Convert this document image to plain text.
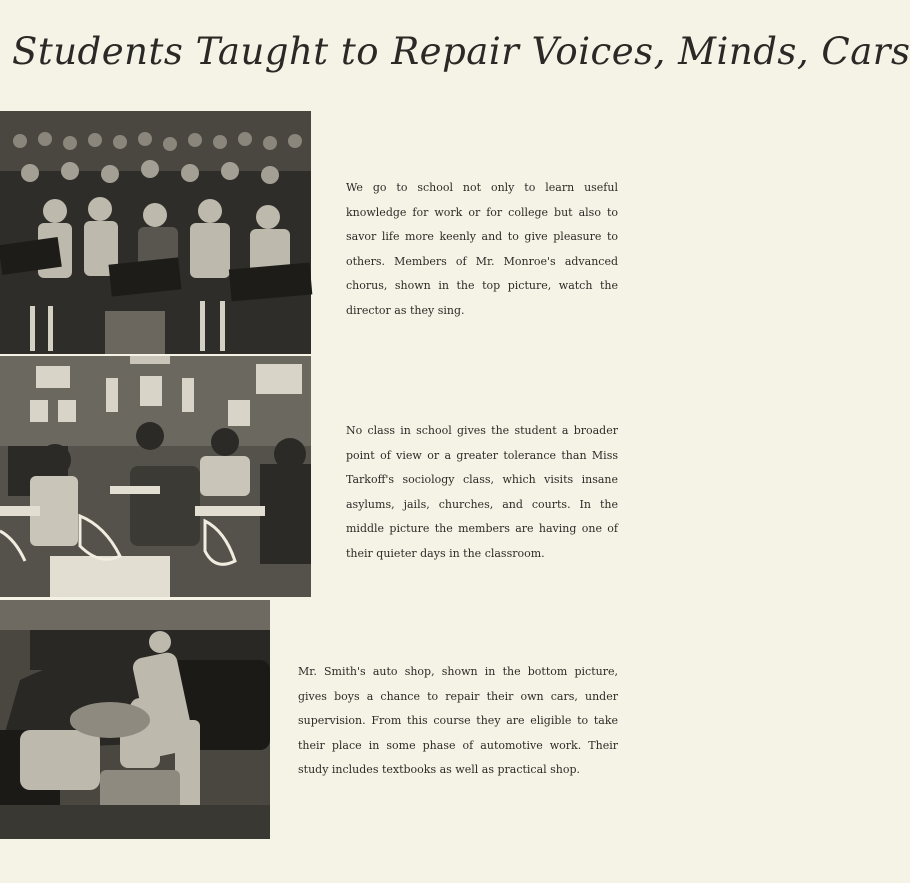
Students Taught to Repair Voices, Minds, Cars

We go to school not only to learn useful knowledge for work or for college but also to savor life more keenly and to give pleasure to others. Members of Mr. Monroe's advanced chorus, shown in the top picture, watch the director as they sing.

No class in school gives the student a broader point of view or a greater tolerance than Miss Tarkoff's sociology class, which visits insane asylums, jails, churches, and courts. In the middle picture the members are having one of their quieter days in the classroom.

Mr. Smith's auto shop, shown in the bottom picture, gives boys a chance to repair their own cars, under supervision. From this course they are eligible to take their place in some phase of automotive work. Their study includes textbooks as well as practical shop.
